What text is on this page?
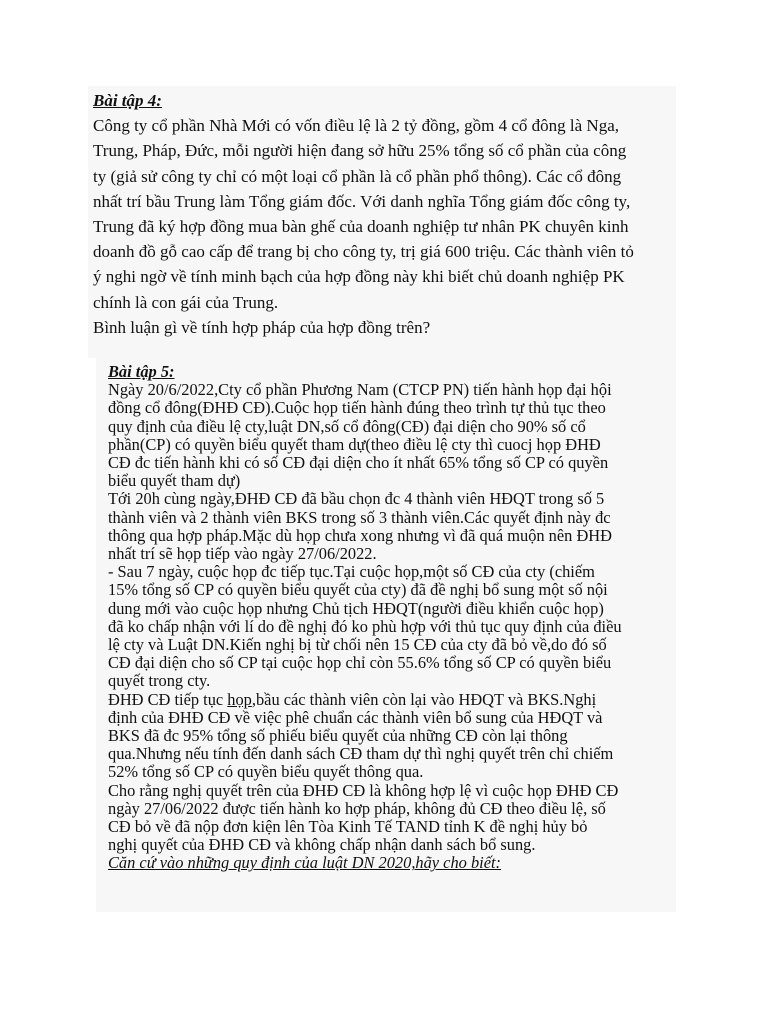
Bài tập 4:
Công ty cổ phần Nhà Mới có vốn điều lệ là 2 tỷ đồng, gồm 4 cổ đông là Nga,
Trung, Pháp, Đức, mỗi người hiện đang sở hữu 25% tổng số cổ phần của công
ty (giả sử công ty chỉ có một loại cổ phần là cổ phần phổ thông). Các cổ đông
nhất trí bầu Trung làm Tổng giám đốc. Với danh nghĩa Tổng giám đốc công ty,
Trung đã ký hợp đồng mua bàn ghế của doanh nghiệp tư nhân PK chuyên kinh
doanh đồ gỗ cao cấp để trang bị cho công ty, trị giá 600 triệu. Các thành viên tỏ
ý nghi ngờ về tính minh bạch của hợp đồng này khi biết chủ doanh nghiệp PK
chính là con gái của Trung.
Bình luận gì về tính hợp pháp của hợp đồng trên?
Bài tập 5:
Ngày 20/6/2022,Cty cổ phần Phương Nam (CTCP PN) tiến hành họp đại hội
đồng cổ đông(ĐHĐ CĐ).Cuộc họp tiến hành đúng theo trình tự thủ tục theo
quy định của điều lệ cty,luật DN,số cổ đông(CĐ) đại diện cho 90% số cổ
phần(CP) có quyền biểu quyết tham dự(theo điều lệ cty thì cuocj họp ĐHĐ
CĐ đc tiến hành khi có số CĐ đại diện cho ít nhất 65% tổng số CP có quyền
biểu quyết tham dự)
Tới 20h cùng ngày,ĐHĐ CĐ đã bầu chọn đc 4 thành viên HĐQT trong số 5
thành viên và 2 thành viên BKS trong số 3 thành viên.Các quyết định này đc
thông qua hợp pháp.Mặc dù họp chưa xong nhưng vì đã quá muộn nên ĐHĐ
nhất trí sẽ họp tiếp vào ngày 27/06/2022.
- Sau 7 ngày, cuộc họp đc tiếp tục.Tại cuộc họp,một số CĐ của cty (chiếm
15% tổng số CP có quyền biểu quyết của cty) đã đề nghị bổ sung một số nội
dung mới vào cuộc họp nhưng Chủ tịch HĐQT(người điều khiển cuộc họp)
đã ko chấp nhận với lí do đề nghị đó ko phù hợp với thủ tục quy định của điều
lệ cty và Luật DN.Kiến nghị bị từ chối nên 15 CĐ của cty đã bỏ về,do đó số
CĐ đại diện cho số CP tại cuộc họp chỉ còn 55.6% tổng số CP có quyền biểu
quyết trong cty.
ĐHĐ CĐ tiếp tục họp,bầu các thành viên còn lại vào HĐQT và BKS.Nghị
định của ĐHĐ CĐ về việc phê chuẩn các thành viên bổ sung của HĐQT và
BKS đã đc 95% tổng số phiếu biểu quyết của những CĐ còn lại thông
qua.Nhưng nếu tính đến danh sách CĐ tham dự thì nghị quyết trên chỉ chiếm
52% tổng số CP có quyền biểu quyết thông qua.
Cho rằng nghị quyết trên của ĐHĐ CĐ là không hợp lệ vì cuộc họp ĐHĐ CĐ
ngày 27/06/2022 được tiến hành ko hợp pháp, không đủ CĐ theo điều lệ, số
CĐ bỏ về đã nộp đơn kiện lên Tòa Kinh Tế TAND tỉnh K đề nghị hủy bỏ
nghị quyết của ĐHĐ CĐ và không chấp nhận danh sách bổ sung.
Căn cứ vào những quy định của luật DN 2020,hãy cho biết:
